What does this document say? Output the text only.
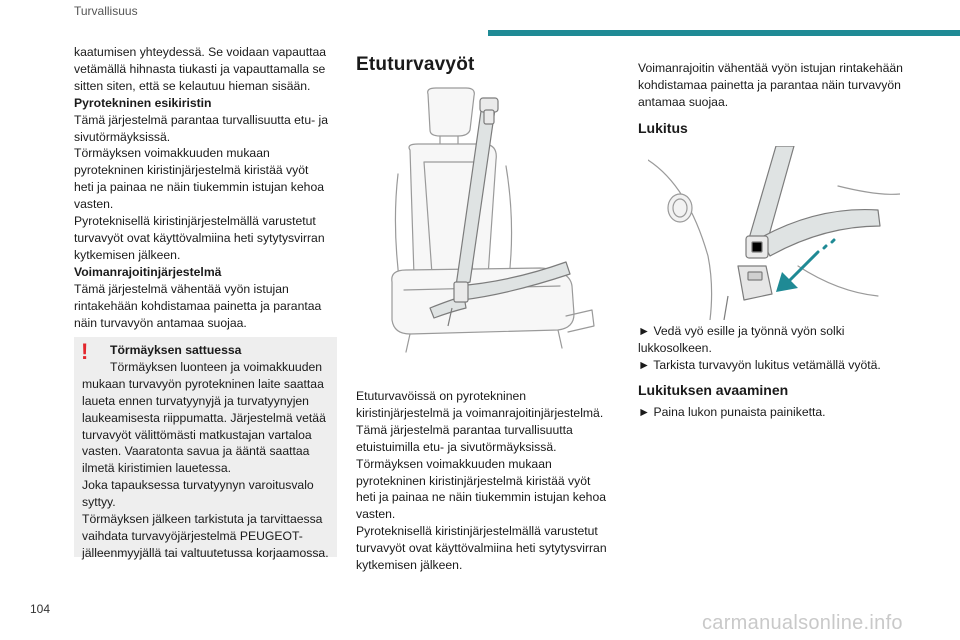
Turvallisuus

kaatumisen yhteydessä. Se voidaan vapauttaa

vetämällä hihnasta tiukasti ja vapauttamalla se

sitten siten, että se kelautuu hieman sisään.

Pyrotekninen esikiristin

Tämä järjestelmä parantaa turvallisuutta etu- ja

sivutörmäyksissä.

Törmäyksen voimakkuuden mukaan

pyrotekninen kiristinjärjestelmä kiristää vyöt

heti ja painaa ne näin tiukemmin istujan kehoa

vasten.

Pyroteknisellä kiristinjärjestelmällä varustetut

turvavyöt ovat käyttövalmiina heti sytytysvirran

kytkemisen jälkeen.

Voimanrajoitinjärjestelmä

Tämä järjestelmä vähentää vyön istujan

rintakehään kohdistamaa painetta ja parantaa

näin turvavyön antamaa suojaa.

!	Törmäyksen sattuessa

Törmäyksen luonteen ja voimakkuuden

mukaan turvavyön pyrotekninen laite saattaa

laueta ennen turvatyynyjä ja turvatyynyjen

laukeamisesta riippumatta. Järjestelmä vetää

turvavyöt välittömästi matkustajan vartaloa

vasten. Vaaratonta savua ja ääntä saattaa

ilmetä kiristimien lauetessa.

Joka tapauksessa turvatyynyn varoitusvalo

syttyy.

Törmäyksen jälkeen tarkistuta ja tarvittaessa

vaihdata turvavyöjärjestelmä PEUGEOT-

jälleenmyyjällä tai valtuutetussa korjaamossa.

Etuturvavyöt

Etuturvavöissä on pyrotekninen

kiristinjärjestelmä ja voimanrajoitinjärjestelmä.

Tämä järjestelmä parantaa turvallisuutta

etuistuimilla etu- ja sivutörmäyksissä.

Törmäyksen voimakkuuden mukaan

pyrotekninen kiristinjärjestelmä kiristää vyöt

heti ja painaa ne näin tiukemmin istujan kehoa

vasten.

Pyroteknisellä kiristinjärjestelmällä varustetut

turvavyöt ovat käyttövalmiina heti sytytysvirran

kytkemisen jälkeen.

Voimanrajoitin vähentää vyön istujan rintakehään

kohdistamaa painetta ja parantaa näin turvavyön

antamaa suojaa.

Lukitus

► Vedä vyö esille ja työnnä vyön solki

lukkosolkeen.

► Tarkista turvavyön lukitus vetämällä vyötä.

Lukituksen avaaminen

► Paina lukon punaista painiketta.

104
carmanualsonline.info
